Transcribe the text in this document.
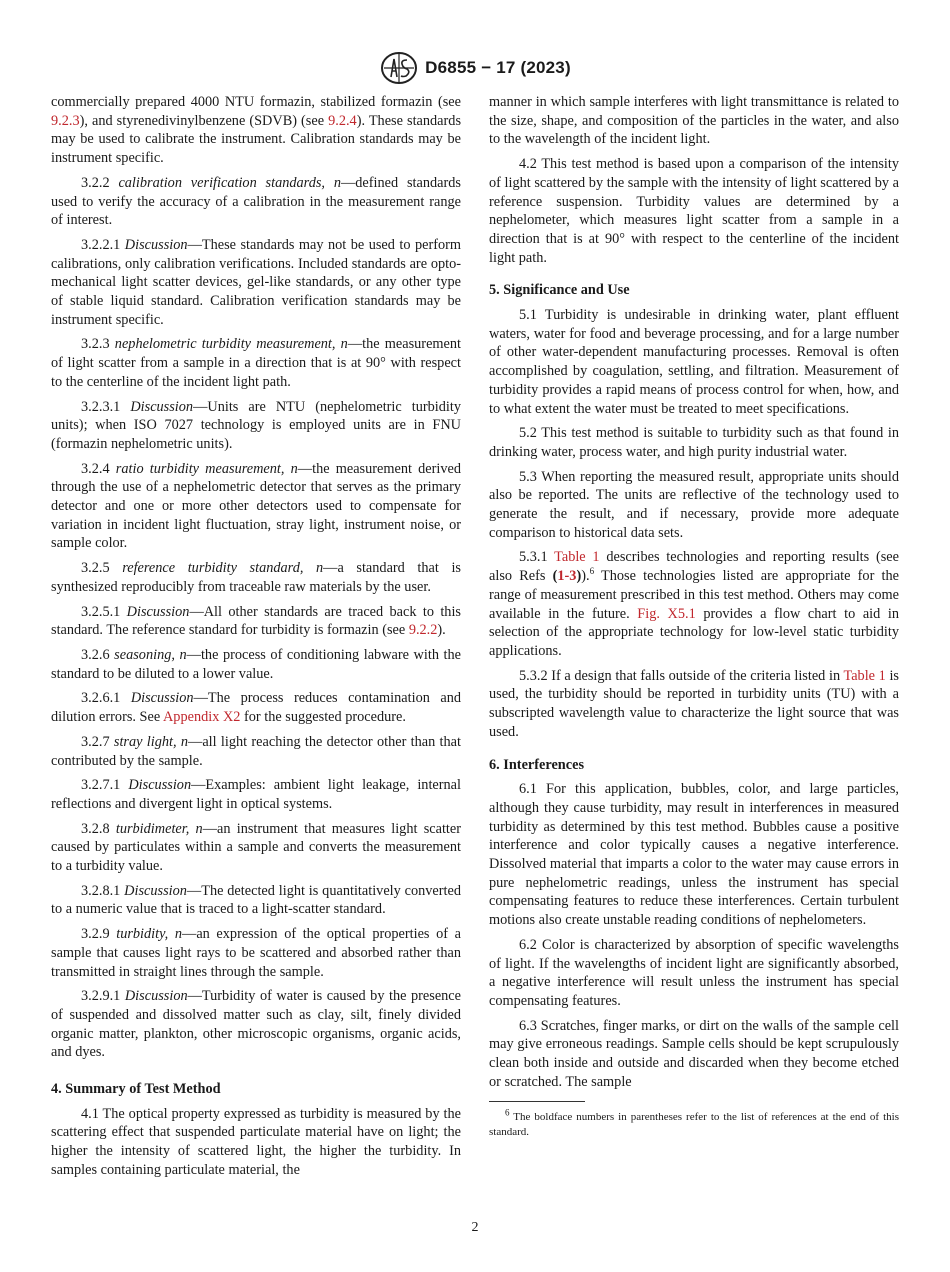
D6855 − 17 (2023)

commercially prepared 4000 NTU formazin, stabilized formazin (see 9.2.3), and styrenedivinylbenzene (SDVB) (see 9.2.4). These standards may be used to calibrate the instrument. Calibration standards may be instrument specific.

3.2.2 calibration verification standards, n—defined standards used to verify the accuracy of a calibration in the measurement range of interest.

3.2.2.1 Discussion—These standards may not be used to perform calibrations, only calibration verifications. Included standards are opto-mechanical light scatter devices, gel-like standards, or any other type of stable liquid standard. Calibration verification standards may be instrument specific.

3.2.3 nephelometric turbidity measurement, n—the measurement of light scatter from a sample in a direction that is at 90° with respect to the centerline of the incident light path.

3.2.3.1 Discussion—Units are NTU (nephelometric turbidity units); when ISO 7027 technology is employed units are in FNU (formazin nephelometric units).

3.2.4 ratio turbidity measurement, n—the measurement derived through the use of a nephelometric detector that serves as the primary detector and one or more other detectors used to compensate for variation in incident light fluctuation, stray light, instrument noise, or sample color.

3.2.5 reference turbidity standard, n—a standard that is synthesized reproducibly from traceable raw materials by the user.

3.2.5.1 Discussion—All other standards are traced back to this standard. The reference standard for turbidity is formazin (see 9.2.2).

3.2.6 seasoning, n—the process of conditioning labware with the standard to be diluted to a lower value.

3.2.6.1 Discussion—The process reduces contamination and dilution errors. See Appendix X2 for the suggested procedure.

3.2.7 stray light, n—all light reaching the detector other than that contributed by the sample.

3.2.7.1 Discussion—Examples: ambient light leakage, internal reflections and divergent light in optical systems.

3.2.8 turbidimeter, n—an instrument that measures light scatter caused by particulates within a sample and converts the measurement to a turbidity value.

3.2.8.1 Discussion—The detected light is quantitatively converted to a numeric value that is traced to a light-scatter standard.

3.2.9 turbidity, n—an expression of the optical properties of a sample that causes light rays to be scattered and absorbed rather than transmitted in straight lines through the sample.

3.2.9.1 Discussion—Turbidity of water is caused by the presence of suspended and dissolved matter such as clay, silt, finely divided organic matter, plankton, other microscopic organisms, organic acids, and dyes.

4. Summary of Test Method

4.1 The optical property expressed as turbidity is measured by the scattering effect that suspended particulate material have on light; the higher the intensity of scattered light, the higher the turbidity. In samples containing particulate material, the

manner in which sample interferes with light transmittance is related to the size, shape, and composition of the particles in the water, and also to the wavelength of the incident light.

4.2 This test method is based upon a comparison of the intensity of light scattered by the sample with the intensity of light scattered by a reference suspension. Turbidity values are determined by a nephelometer, which measures light scatter from a sample in a direction that is at 90° with respect to the centerline of the incident light path.

5. Significance and Use

5.1 Turbidity is undesirable in drinking water, plant effluent waters, water for food and beverage processing, and for a large number of other water-dependent manufacturing processes. Removal is often accomplished by coagulation, settling, and filtration. Measurement of turbidity provides a rapid means of process control for when, how, and to what extent the water must be treated to meet specifications.

5.2 This test method is suitable to turbidity such as that found in drinking water, process water, and high purity industrial water.

5.3 When reporting the measured result, appropriate units should also be reported. The units are reflective of the technology used to generate the result, and if necessary, provide more adequate comparison to historical data sets.

5.3.1 Table 1 describes technologies and reporting results (see also Refs (1-3)).$^6$ Those technologies listed are appropriate for the range of measurement prescribed in this test method. Others may come available in the future. Fig. X5.1 provides a flow chart to aid in selection of the appropriate technology for low-level static turbidity applications.

5.3.2 If a design that falls outside of the criteria listed in Table 1 is used, the turbidity should be reported in turbidity units (TU) with a subscripted wavelength value to characterize the light source that was used.

6. Interferences

6.1 For this application, bubbles, color, and large particles, although they cause turbidity, may result in interferences in measured turbidity as determined by this test method. Bubbles cause a positive interference and color typically causes a negative interference. Dissolved material that imparts a color to the water may cause errors in pure nephelometric readings, unless the instrument has special compensating features to reduce these interferences. Certain turbulent motions also create unstable reading conditions of nephelometers.

6.2 Color is characterized by absorption of specific wavelengths of light. If the wavelengths of incident light are significantly absorbed, a negative interference will result unless the instrument has special compensating features.

6.3 Scratches, finger marks, or dirt on the walls of the sample cell may give erroneous readings. Sample cells should be kept scrupulously clean both inside and outside and discarded when they become etched or scratched. The sample

$^6$ The boldface numbers in parentheses refer to the list of references at the end of this standard.

2
